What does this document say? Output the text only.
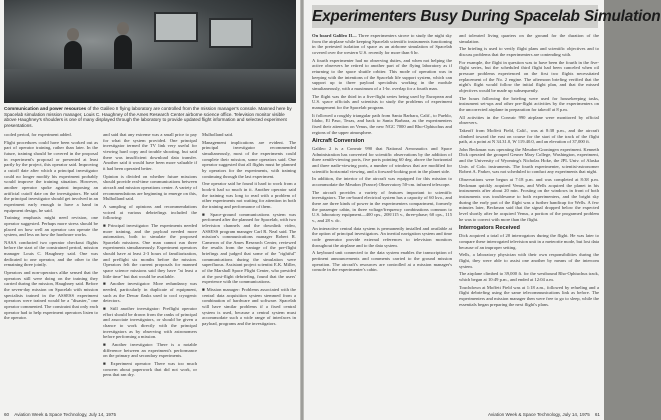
Communication and power resources of the Galileo II flying laboratory are controlled from the mission manager's console. Manned here by Spacelab simulation mission manager, Louis C. Haughney of the Ames Research Center airborne science office. Television monitor visible above Haughney's shoulders is one of many displayed through the laboratory to provide updated flight information and selected experiment presentations.

cooled period, for experiment added.

Flight procedures could have been worked out as part of operator training, rather than later. In the future, training should be covered in the proposal in experiment's proposal or presented at least partly by the project, this operator said. Improving a cutoff date after which a principal investigator could no longer modify his experiment probably would improve the training situation. However, another operator spoke against imposing an artificial cutoff date on the investigators. He said the principal investigator should get involved in an experiment early enough to have a hand in equipment design, he said.

Training emphasis might need revision, one operator suggested. Perhaps more stress should be placed on how well an operator can operate the system, and less on how the hardware works.

NASA conducted two operator checkout flights before the start of the constrained period, mission manager Louis C. Haughney said. One was dedicated to one operator, and the other to the remaining three jointly.

Operators and non-operators alike sensed that the operators still were doing on the training they carried during the mission, Haughney said. Before the seven-day mission on Spacelab with mission specialists trained in the ASSESS experiment operators were trained would be a "disaster," one operator commented. The constraint that only each operator had to help experiment operators listen to the operator.

and said that any extreme was a small price to pay for what the system provided. One principal investigator termed the TV link very useful for viewing hard copy and trouble shooting, but said there was insufficient download data transfer. Another said it would have been more valuable if it had been operated better.

Opinion is divided on whether future missions should provide real-time communications between aircraft and mission operations center. A variety of recommendations are beginning to emerge on this, Mulholland said.

A sampling of opinions and recommendations voiced at various debriefings included the following:

■ Principal investigator: The experiments needed more training, and the payload needed more automation, both to simulate the proposed Spacelab missions. One man cannot run three experiments simultaneously. Experiment operators should have at least 2-3 hours of familiarization, and preflight six months before the mission. Operators felt the current proposals for manned space science missions said they have "at least a little time" but that would be available.

■ Another investigator: More redundancy was needed, particularly in duplicate of equipment, such as the Dewar flasks used to cool cryogenic detectors.

■ Still another investigator: Preflight operator effort should be drawn from the ranks of principal and associate investigators, or should be given a chance to work directly with the principal investigators as by observing with astronomers before performing a mission.

■ Another investigator: There is a notable difference between an experiment's performance on the primary and secondary experiments.

■ Experiment operator: There was too much concern about paperwork that did not work, or pens that ran dry.

Mulholland said.

Management implications are evident. The principal investigator recommended simultaneously, most of the experiments could complete their mission, some operators said. One operator suggested that all flights must be planned by operators for the experiments, with training continuing through the last experiment.

One operator said he found it hard to work from a book-it had so much in it. Another operator said the training was long to read with a problem of other experiments not waiting for attention in both the training and performance of them.

■ Space-ground communications system was performed after the planned for Spacelab, with two television channels and the downlink video, ASSESS program manager Carl R. Neal said. The mission's communications manager Robert R. Cameron of the Ames Research Center, reviewed the results from the vantage of the pre-flight briefings and judged that some of the "rightful" communications during the simulation were superfluous. Assistant project scientist E.K. Miller, of the Marshall Space Flight Center, who presided at the post-flight debriefing, found that the users' experience with the communications.

■ Mission manager: Problems associated with the central data acquisition system stemmed from a combination of hardware and software. Spacelab will have similar problems if a fixed central system is used, because a central system must accommodate such a wide range of interfaces in payload, programs and the investigators.

60 Aviation Week & Space Technology, July 14, 1975
Experimenters Busy During Spacelab Simulation

On board Galileo II— Three experimenters strove to study the night sky from the airplane while keeping Spacelab scientific instruments functioning in the pretested isolation of space as an airborne simulation of Spacelab covered over the western U.S. recently for more than 6 hr.

A fourth experimenter had no observing duties, and when not helping the active observers he retired to another part of the flying laboratory as if returning to the space shuttle orbiter. This mode of operation was in keeping with the intentions of the Spacelab life support system, which can support up to three payload specialists working in the module simultaneously, with a maximum of a 1-hr. overlap for a fourth man.

The flight was the third in a five-flight series being used by European and U.S. space officials and scientists to study the problems of experiment management for the Spacelab program.

It followed a roughly triangular path from Santa Barbara, Calif., to Pueblo, Idaho, El Paso, Texas, and back to Santa Barbara, as the experimenters fixed their attention on Venus, the new NGC 7000 and Rho-Ophiuchus and regions of the upper atmosphere.

Aircraft Conversion

Galileo 2 is a Convair 990 that National Aeronautics and Space Administration has converted for scientific observations by the addition of three zenith-viewing ports, five ports pointing 60 deg. above the horizontal and three nadir-viewing ports, a number of windows that are modified for scientific horizontal viewing, and a forward-looking port in the planet side.

In addition, the interior of the aircraft was equipped for this mission to accommodate the Meudon (France) Observatory 50-cm. infrared telescope.

The aircraft provides a variety of features important to scientific investigators. The on-board electrical system has a capacity of 60 kva., and there are three kinds of power in the experimenters compartment, formerly the passenger cabin, in three voltage/frequency combinations common to U.S. laboratory equipment—400 cps., 208/115 v., three-phase; 60 cps., 115 v., and 28 v. dc.

An interactive central data system is permanently installed and available at the option of principal investigators. An inertial navigation system and time code generator provide external references to television monitors throughout the airplane and to the data system.

A keyboard unit connected to the data system enables the transcription of pertinent announcements and comments carried to the ground mission operation. The aircraft's resources are controlled at a mission manager's console in the experimenter's cabin.

and tolerated living quarters on the ground for the duration of the simulation.

The briefing is used to verify flight plans and scientific objectives and to discuss problems that the experimenters are contending with.

For example, the flight in question was to have been the fourth in the five-flight series, but the scheduled third flight had been canceled when oil pressure problems experienced on the first two flights necessitated replacement of the No. 2 engine. The afternoon briefing verified that the night's flight would follow the initial flight plan, and that the missed objectives would be made up subsequently.

The hours following the briefing were used for housekeeping tasks, instrument set-ups and other pre-flight activities by the experimenters on the uncorrected airplane in preparation for takeoff at 8 p.m.

All activities in the Convair 990 airplane were monitored by official observers.

Takeoff from Moffett Field, Calif., was at 8:38 p.m., and the aircraft climbed toward the east on course for the start of the track of the flight path, at a point at N 34.31.0, W 119.40.0, and an elevation of 37,000 ft.

John Beckman was operating the Meudon-Groningen experiment. Kenneth Dick operated the grouped Gesner Mary College, Washington, experiment, and the University of Wyoming's Nicholas Hoke, the JPL Univ. of Alaska Univ. of Colo. instruments. The fourth experimenter, scientist-astronomer Robert A. Parker, was not scheduled to conduct any experiments that night.

Observations were begun at 7:18 p.m. and was completed at 8:38 p.m. Beckman quickly acquired Venus, and Wells acquired the planet in his instruments after about 20 min. Frosting on the windows in front of both instruments was troublesome to both experimenters, and the bright sky during the early part of the flight was a further handicap for Wells. A few minutes later, Beckman said that the signal dropped below the expected level shortly after he acquired Venus, a portion of the programed problem he was to correct with more than the flight.

Interrogators Received

Dick acquired a total of 20 interrogators during the flight. He was later to compare these interrogated television unit in a meteorite mode, but lost data because of an improper setting.

Wells, a laboratory physician with their own responsibilities during the flight, they were able to assist one another by means of the intercom system.

The airplane climbed to 39,000 ft. for the westbound Rho-Ophiuchus track, which began at 10:49 p.m., and ended at 12:04 a.m.

Touchdown at Moffett Field was at 1:18 a.m., followed by refueling and a flight debriefing using the same telecommunications link as before. The experimenters and mission manager then were free to go to sleep, while the essentials began preparing the next flight's plans.

Aviation Week & Space Technology, July 14, 1975 61
